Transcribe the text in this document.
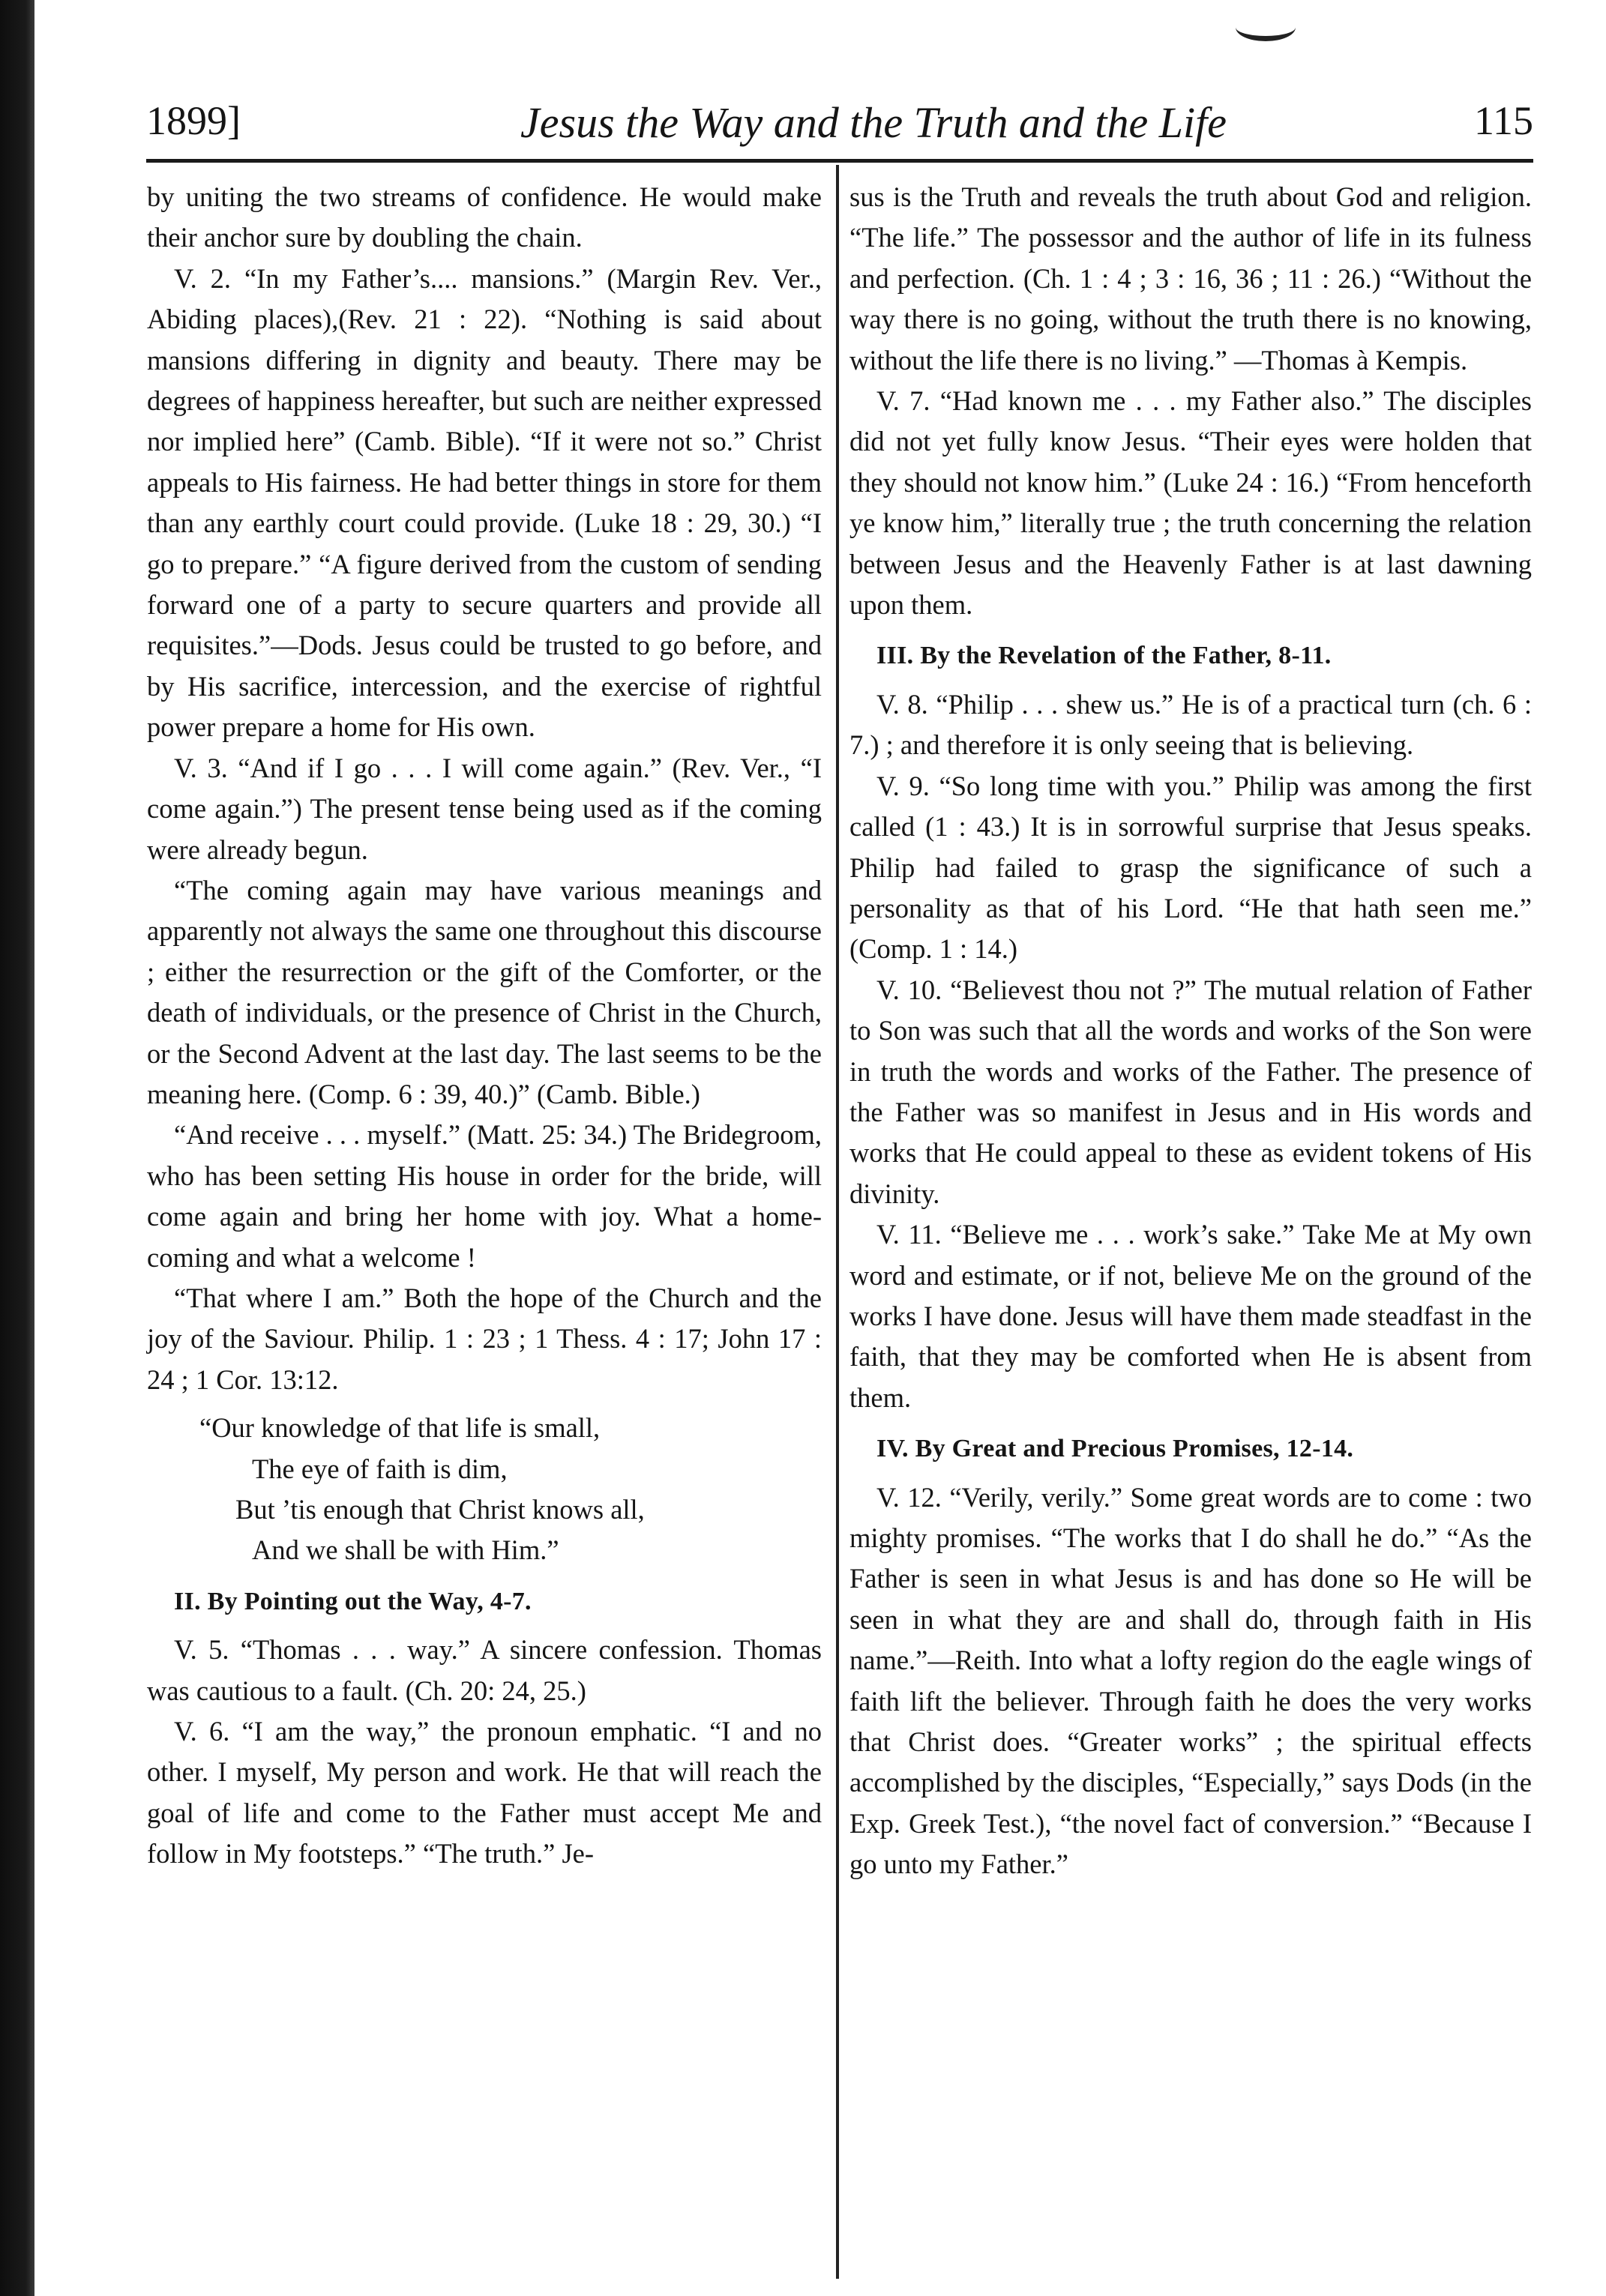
1899]	Jesus the Way and the Truth and the Life	115

by uniting the two streams of confidence. He would make their anchor sure by doubling the chain.

V. 2. “In my Father’s.... mansions.” (Margin Rev. Ver., Abiding places),(Rev. 21 : 22). “Nothing is said about mansions differing in dignity and beauty. There may be degrees of happiness hereafter, but such are neither expressed nor implied here” (Camb. Bible). “If it were not so.” Christ appeals to His fairness. He had better things in store for them than any earthly court could provide. (Luke 18 : 29, 30.) “I go to prepare.” “A figure derived from the custom of sending forward one of a party to secure quarters and provide all requisites.”—Dods. Jesus could be trusted to go before, and by His sacrifice, intercession, and the exercise of rightful power prepare a home for His own.

V. 3. “And if I go . . . I will come again.” (Rev. Ver., “I come again.”) The present tense being used as if the coming were already begun.

“The coming again may have various meanings and apparently not always the same one throughout this discourse ; either the resurrection or the gift of the Comforter, or the death of individuals, or the presence of Christ in the Church, or the Second Advent at the last day. The last seems to be the meaning here. (Comp. 6 : 39, 40.)” (Camb. Bible.)

“And receive . . . myself.” (Matt. 25: 34.) The Bridegroom, who has been setting His house in order for the bride, will come again and bring her home with joy. What a home-coming and what a welcome !

“That where I am.” Both the hope of the Church and the joy of the Saviour. Philip. 1 : 23 ; 1 Thess. 4 : 17; John 17 : 24 ; 1 Cor. 13:12.

“Our knowledge of that life is small,
The eye of faith is dim,
But ’tis enough that Christ knows all,
And we shall be with Him.”

II. By Pointing out the Way, 4-7.

V. 5. “Thomas . . . way.” A sincere confession. Thomas was cautious to a fault. (Ch. 20: 24, 25.)

V. 6. “I am the way,” the pronoun emphatic. “I and no other. I myself, My person and work. He that will reach the goal of life and come to the Father must accept Me and follow in My footsteps.” “The truth.” Je-

sus is the Truth and reveals the truth about God and religion. “The life.” The possessor and the author of life in its fulness and perfection. (Ch. 1 : 4 ; 3 : 16, 36 ; 11 : 26.) “Without the way there is no going, without the truth there is no knowing, without the life there is no living.” —Thomas à Kempis.

V. 7. “Had known me . . . my Father also.” The disciples did not yet fully know Jesus. “Their eyes were holden that they should not know him.” (Luke 24 : 16.) “From henceforth ye know him,” literally true ; the truth concerning the relation between Jesus and the Heavenly Father is at last dawning upon them.

III. By the Revelation of the Father, 8-11.

V. 8. “Philip . . . shew us.” He is of a practical turn (ch. 6 : 7.) ; and therefore it is only seeing that is believing.

V. 9. “So long time with you.” Philip was among the first called (1 : 43.) It is in sorrowful surprise that Jesus speaks. Philip had failed to grasp the significance of such a personality as that of his Lord. “He that hath seen me.” (Comp. 1 : 14.)

V. 10. “Believest thou not ?” The mutual relation of Father to Son was such that all the words and works of the Son were in truth the words and works of the Father. The presence of the Father was so manifest in Jesus and in His words and works that He could appeal to these as evident tokens of His divinity.

V. 11. “Believe me . . . work’s sake.” Take Me at My own word and estimate, or if not, believe Me on the ground of the works I have done. Jesus will have them made steadfast in the faith, that they may be comforted when He is absent from them.

IV. By Great and Precious Promises, 12-14.

V. 12. “Verily, verily.” Some great words are to come : two mighty promises. “The works that I do shall he do.” “As the Father is seen in what Jesus is and has done so He will be seen in what they are and shall do, through faith in His name.”—Reith. Into what a lofty region do the eagle wings of faith lift the believer. Through faith he does the very works that Christ does. “Greater works” ; the spiritual effects accomplished by the disciples, “Especially,” says Dods (in the Exp. Greek Test.), “the novel fact of conversion.” “Because I go unto my Father.”
